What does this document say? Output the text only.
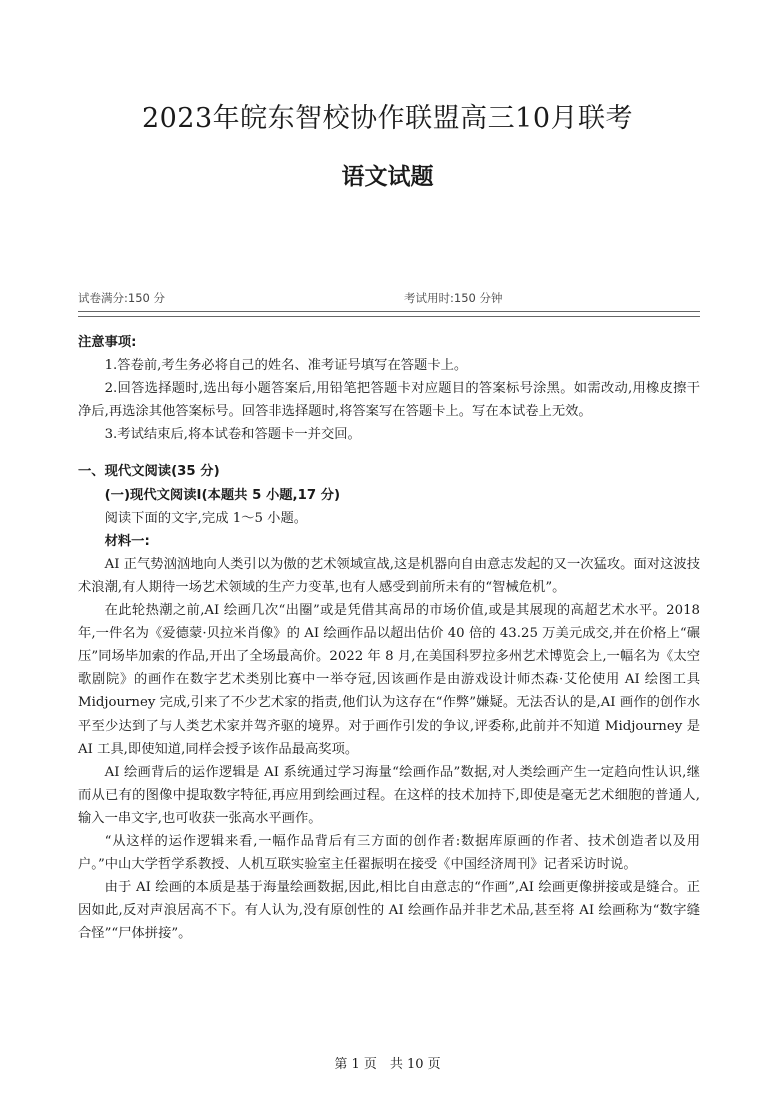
2023年皖东智校协作联盟高三10月联考
语文试题
试卷满分:150 分	考试用时:150 分钟

注意事项:

1.答卷前,考生务必将自己的姓名、准考证号填写在答题卡上。

2.回答选择题时,选出每小题答案后,用铅笔把答题卡对应题目的答案标号涂黑。如需改动,用橡皮擦干净后,再选涂其他答案标号。回答非选择题时,将答案写在答题卡上。写在本试卷上无效。

3.考试结束后,将本试卷和答题卡一并交回。

一、现代文阅读(35 分)

(一)现代文阅读Ⅰ(本题共 5 小题,17 分)

阅读下面的文字,完成 1～5 小题。

材料一:

AI 正气势汹汹地向人类引以为傲的艺术领域宣战,这是机器向自由意志发起的又一次猛攻。面对这波技术浪潮,有人期待一场艺术领域的生产力变革,也有人感受到前所未有的“智械危机”。

在此轮热潮之前,AI 绘画几次“出圈”或是凭借其高昂的市场价值,或是其展现的高超艺术水平。2018 年,一件名为《爱德蒙·贝拉米肖像》的 AI 绘画作品以超出估价 40 倍的 43.25 万美元成交,并在价格上“碾压”同场毕加索的作品,开出了全场最高价。2022 年 8 月,在美国科罗拉多州艺术博览会上,一幅名为《太空歌剧院》的画作在数字艺术类别比赛中一举夺冠,因该画作是由游戏设计师杰森·艾伦使用 AI 绘图工具 Midjourney 完成,引来了不少艺术家的指责,他们认为这存在“作弊”嫌疑。无法否认的是,AI 画作的创作水平至少达到了与人类艺术家并驾齐驱的境界。对于画作引发的争议,评委称,此前并不知道 Midjourney 是 AI 工具,即使知道,同样会授予该作品最高奖项。

AI 绘画背后的运作逻辑是 AI 系统通过学习海量“绘画作品”数据,对人类绘画产生一定趋向性认识,继而从已有的图像中提取数字特征,再应用到绘画过程。在这样的技术加持下,即使是毫无艺术细胞的普通人,输入一串文字,也可收获一张高水平画作。

“从这样的运作逻辑来看,一幅作品背后有三方面的创作者:数据库原画的作者、技术创造者以及用户。”中山大学哲学系教授、人机互联实验室主任翟振明在接受《中国经济周刊》记者采访时说。

由于 AI 绘画的本质是基于海量绘画数据,因此,相比自由意志的“作画”,AI 绘画更像拼接或是缝合。正因如此,反对声浪居高不下。有人认为,没有原创性的 AI 绘画作品并非艺术品,甚至将 AI 绘画称为“数字缝合怪”“尸体拼接”。

第 1 页　共 10 页
